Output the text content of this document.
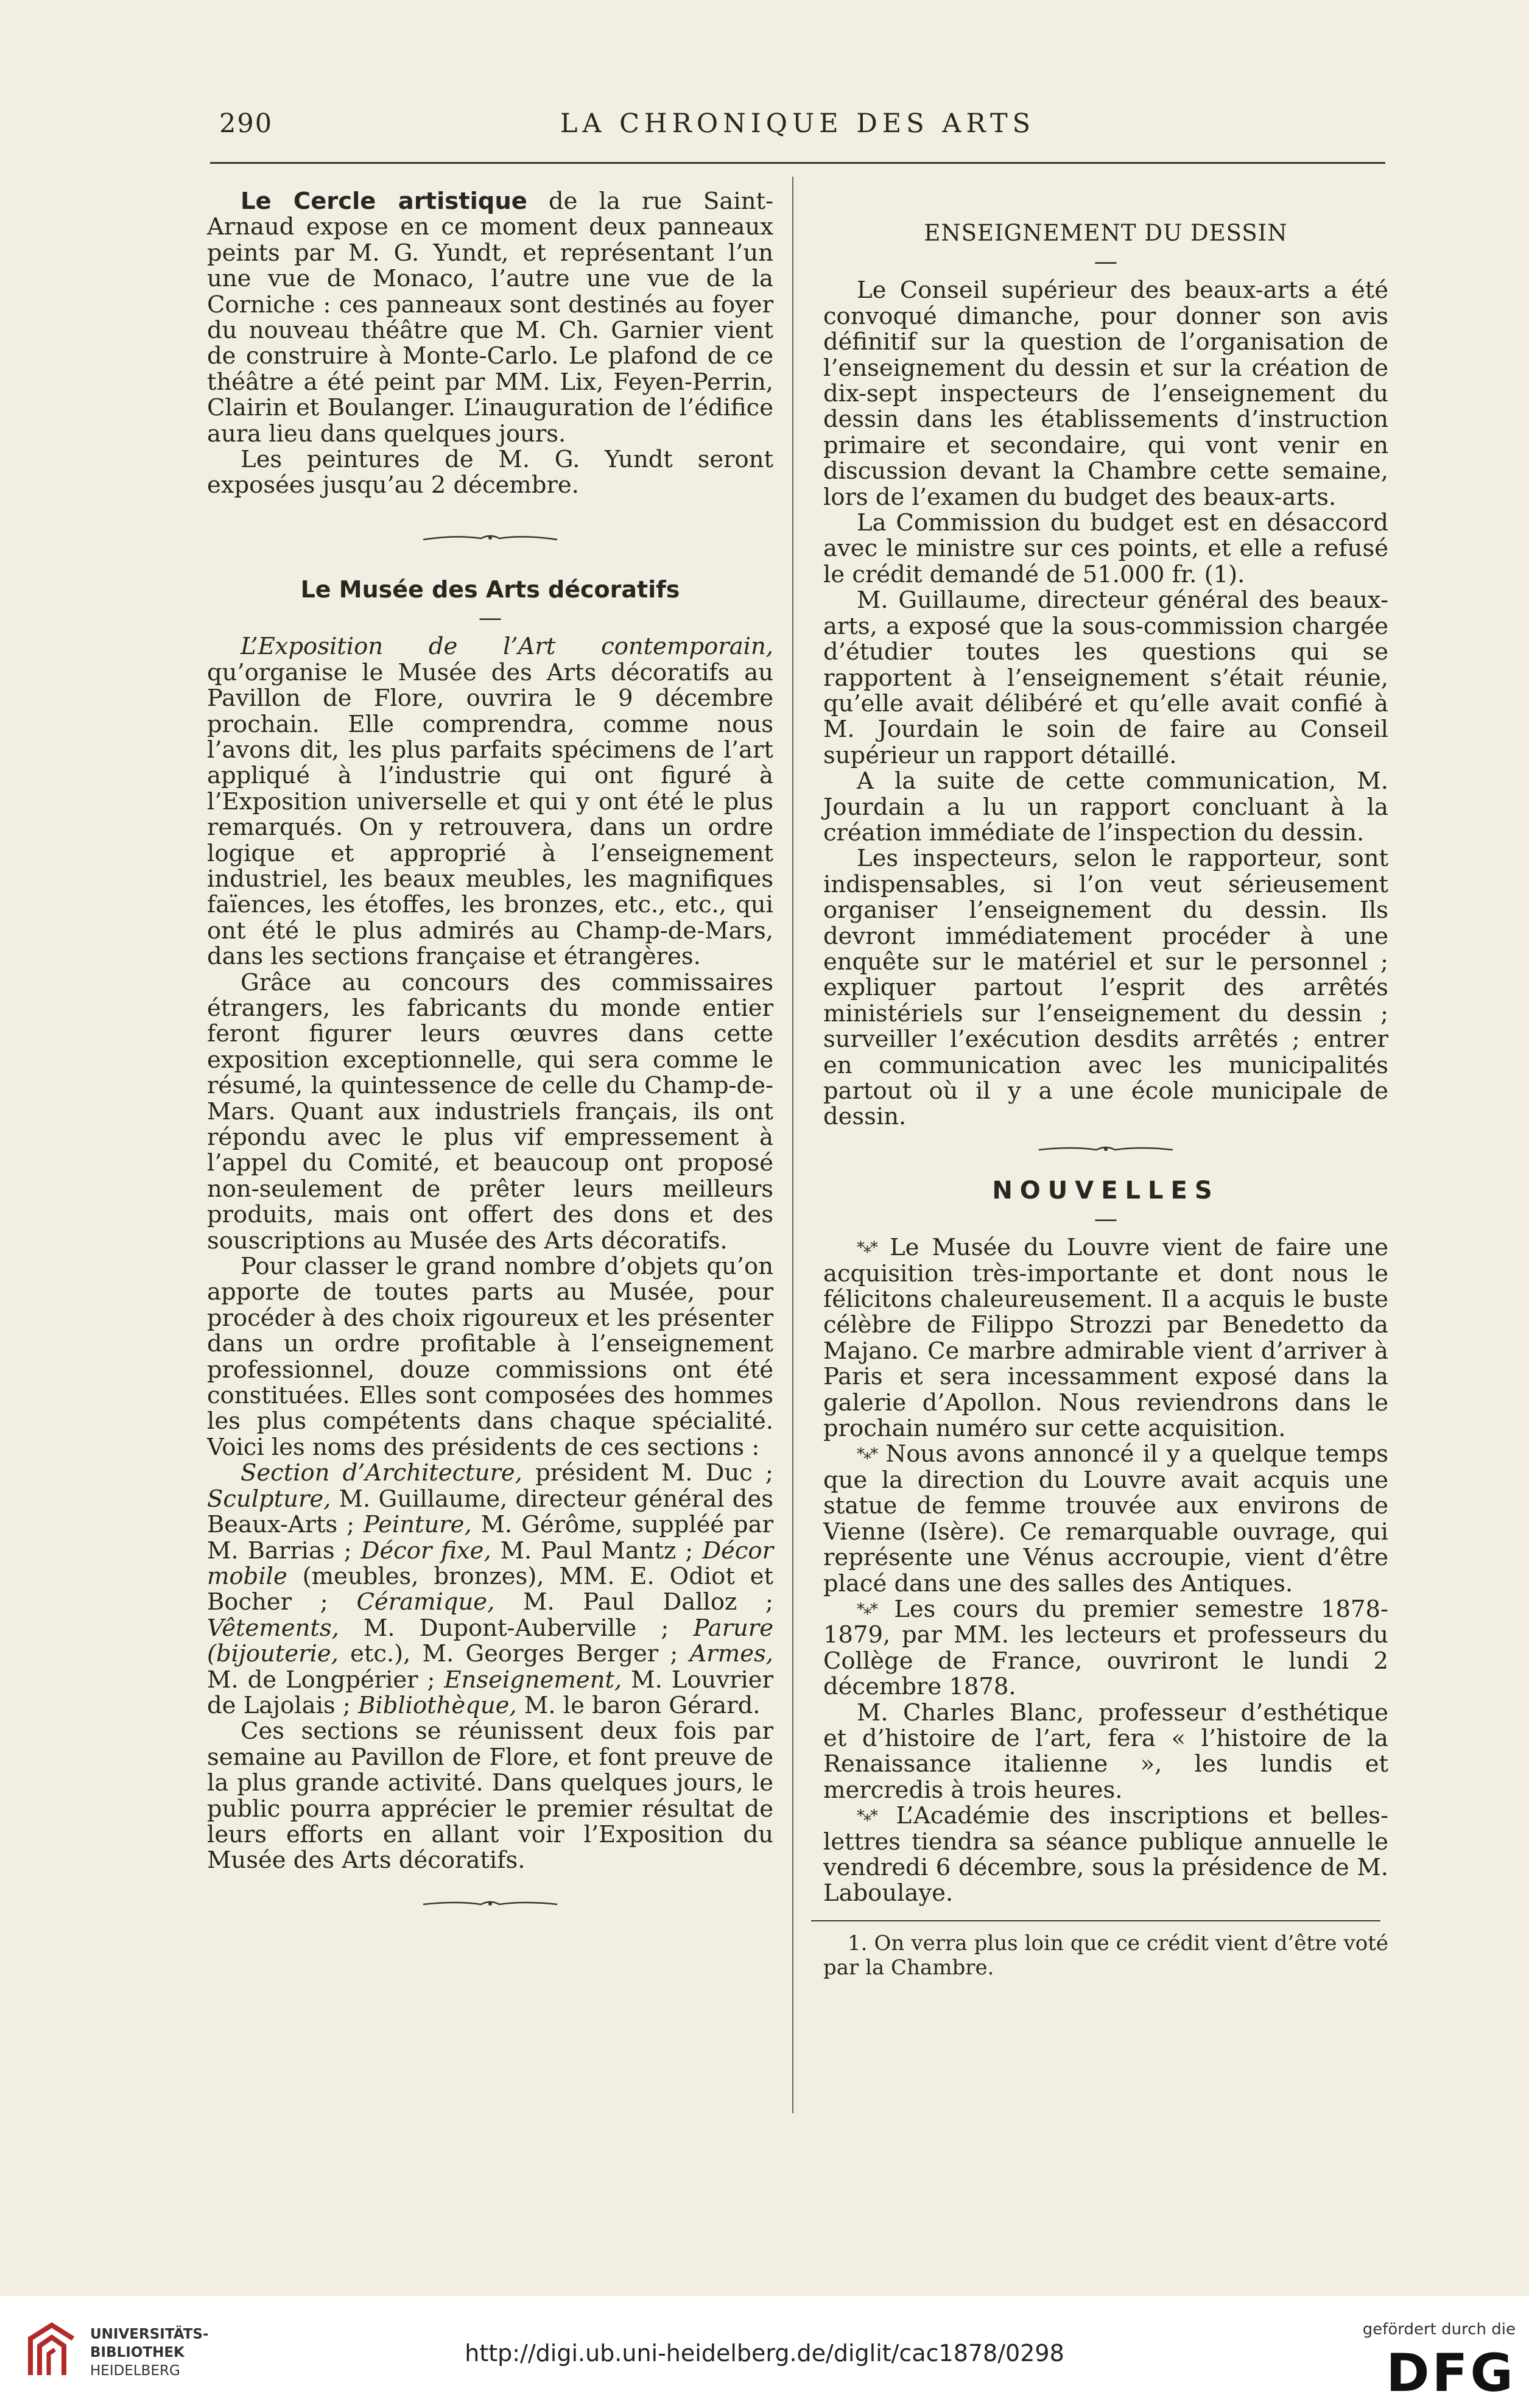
290	LA CHRONIQUE DES ARTS

Le Cercle artistique de la rue Saint-Arnaud expose en ce moment deux panneaux peints par M. G. Yundt, et représentant l’un une vue de Monaco, l’autre une vue de la Corniche : ces panneaux sont destinés au foyer du nouveau théâtre que M. Ch. Garnier vient de construire à Monte-Carlo. Le plafond de ce théâtre a été peint par MM. Lix, Feyen-Perrin, Clairin et Boulanger. L’inauguration de l’édifice aura lieu dans quelques jours.

Les peintures de M. G. Yundt seront exposées jusqu’au 2 décembre.

Le Musée des Arts décoratifs

—

L’Exposition de l’Art contemporain, qu’organise le Musée des Arts décoratifs au Pavillon de Flore, ouvrira le 9 décembre prochain. Elle comprendra, comme nous l’avons dit, les plus parfaits spécimens de l’art appliqué à l’industrie qui ont figuré à l’Exposition universelle et qui y ont été le plus remarqués. On y retrouvera, dans un ordre logique et approprié à l’enseignement industriel, les beaux meubles, les magnifiques faïences, les étoffes, les bronzes, etc., etc., qui ont été le plus admirés au Champ-de-Mars, dans les sections française et étrangères.

Grâce au concours des commissaires étrangers, les fabricants du monde entier feront figurer leurs œuvres dans cette exposition exceptionnelle, qui sera comme le résumé, la quintessence de celle du Champ-de-Mars. Quant aux industriels français, ils ont répondu avec le plus vif empressement à l’appel du Comité, et beaucoup ont proposé non-seulement de prêter leurs meilleurs produits, mais ont offert des dons et des souscriptions au Musée des Arts décoratifs.

Pour classer le grand nombre d’objets qu’on apporte de toutes parts au Musée, pour procéder à des choix rigoureux et les présenter dans un ordre profitable à l’enseignement professionnel, douze commissions ont été constituées. Elles sont composées des hommes les plus compétents dans chaque spécialité. Voici les noms des présidents de ces sections :

Section d’Architecture, président M. Duc ; Sculpture, M. Guillaume, directeur général des Beaux-Arts ; Peinture, M. Gérôme, suppléé par M. Barrias ; Décor fixe, M. Paul Mantz ; Décor mobile (meubles, bronzes), MM. E. Odiot et Bocher ; Céramique, M. Paul Dalloz ; Vêtements, M. Dupont-Auberville ; Parure (bijouterie, etc.), M. Georges Berger ; Armes, M. de Longpérier ; Enseignement, M. Louvrier de Lajolais ; Bibliothèque, M. le baron Gérard.

Ces sections se réunissent deux fois par semaine au Pavillon de Flore, et font preuve de la plus grande activité. Dans quelques jours, le public pourra apprécier le premier résultat de leurs efforts en allant voir l’Exposition du Musée des Arts décoratifs.

ENSEIGNEMENT DU DESSIN

—

Le Conseil supérieur des beaux-arts a été convoqué dimanche, pour donner son avis définitif sur la question de l’organisation de l’enseignement du dessin et sur la création de dix-sept inspecteurs de l’enseignement du dessin dans les établissements d’instruction primaire et secondaire, qui vont venir en discussion devant la Chambre cette semaine, lors de l’examen du budget des beaux-arts.

La Commission du budget est en désaccord avec le ministre sur ces points, et elle a refusé le crédit demandé de 51.000 fr. (1).

M. Guillaume, directeur général des beaux-arts, a exposé que la sous-commission chargée d’étudier toutes les questions qui se rapportent à l’enseignement s’était réunie, qu’elle avait délibéré et qu’elle avait confié à M. Jourdain le soin de faire au Conseil supérieur un rapport détaillé.

A la suite de cette communication, M. Jourdain a lu un rapport concluant à la création immédiate de l’inspection du dessin.

Les inspecteurs, selon le rapporteur, sont indispensables, si l’on veut sérieusement organiser l’enseignement du dessin. Ils devront immédiatement procéder à une enquête sur le matériel et sur le personnel ; expliquer partout l’esprit des arrêtés ministériels sur l’enseignement du dessin ; surveiller l’exécution desdits arrêtés ; entrer en communication avec les municipalités partout où il y a une école municipale de dessin.

NOUVELLES

—

*⁎* Le Musée du Louvre vient de faire une acquisition très-importante et dont nous le félicitons chaleureusement. Il a acquis le buste célèbre de Filippo Strozzi par Benedetto da Majano. Ce marbre admirable vient d’arriver à Paris et sera incessamment exposé dans la galerie d’Apollon. Nous reviendrons dans le prochain numéro sur cette acquisition.

*⁎* Nous avons annoncé il y a quelque temps que la direction du Louvre avait acquis une statue de femme trouvée aux environs de Vienne (Isère). Ce remarquable ouvrage, qui représente une Vénus accroupie, vient d’être placé dans une des salles des Antiques.

*⁎* Les cours du premier semestre 1878-1879, par MM. les lecteurs et professeurs du Collège de France, ouvriront le lundi 2 décembre 1878.

M. Charles Blanc, professeur d’esthétique et d’histoire de l’art, fera « l’histoire de la Renaissance italienne », les lundis et mercredis à trois heures.

*⁎* L’Académie des inscriptions et belles-lettres tiendra sa séance publique annuelle le vendredi 6 décembre, sous la présidence de M. Laboulaye.

1. On verra plus loin que ce crédit vient d’être voté par la Chambre.

UNIVERSITÄTS-
BIBLIOTHEK
HEIDELBERG
http://digi.ub.uni-heidelberg.de/diglit/cac1878/0298
gefördert durch die
DFG
